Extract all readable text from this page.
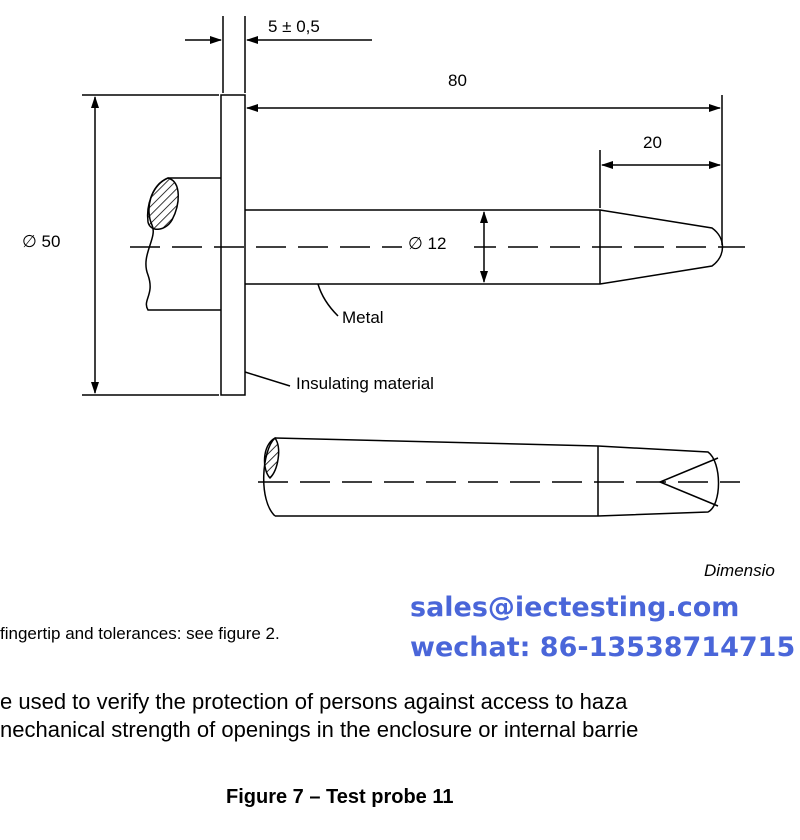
5 ± 0,5
80
20
∅ 50	∅ 12
Metal
Insulating material
Dimensio
fingertip and tolerances: see figure 2.
sales@iectesting.com
wechat: 86-13538714715
e used to verify the protection of persons against access to haza
nechanical strength of openings in the enclosure or internal barrie
Figure 7 – Test probe 11
